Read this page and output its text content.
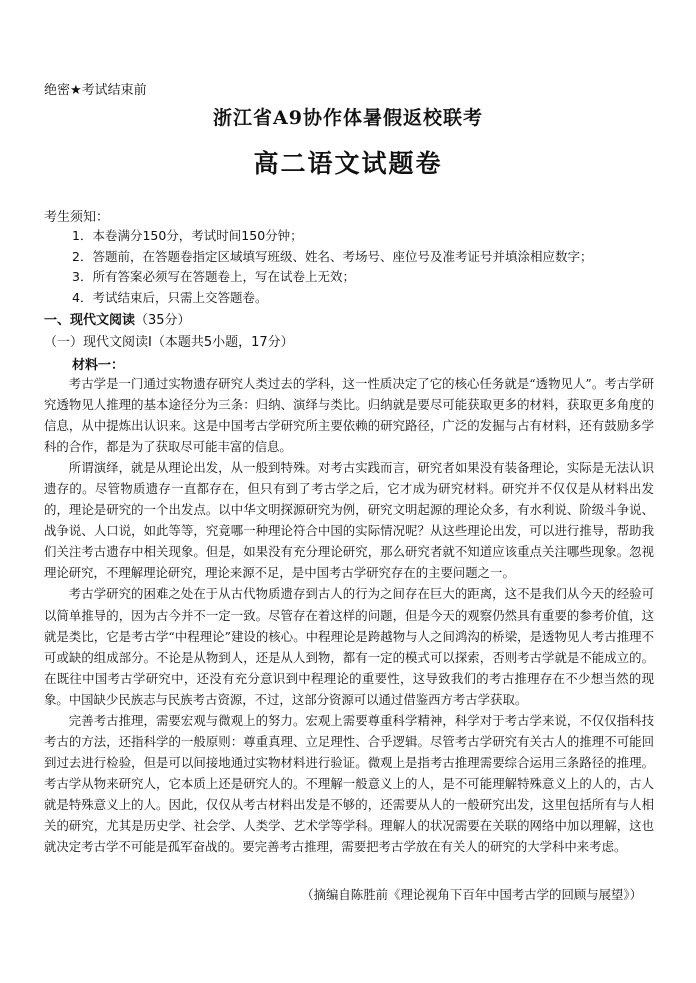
绝密★考试结束前
浙江省A9协作体暑假返校联考
高二语文试题卷
考生须知：
1．本卷满分150分，考试时间150分钟；
2．答题前，在答题卷指定区域填写班级、姓名、考场号、座位号及准考证号并填涂相应数字；
3．所有答案必须写在答题卷上，写在试卷上无效；
4．考试结束后，只需上交答题卷。
一、现代文阅读（35分）
（一）现代文阅读Ⅰ（本题共5小题，17分）
材料一：

考古学是一门通过实物遗存研究人类过去的学科，这一性质决定了它的核心任务就是“透物见人”。考古学研究透物见人推理的基本途径分为三条：归纳、演绎与类比。归纳就是要尽可能获取更多的材料，获取更多角度的信息，从中提炼出认识来。这是中国考古学研究所主要依赖的研究路径，广泛的发掘与占有材料，还有鼓励多学科的合作，都是为了获取尽可能丰富的信息。

所谓演绎，就是从理论出发，从一般到特殊。对考古实践而言，研究者如果没有装备理论，实际是无法认识遗存的。尽管物质遗存一直都存在，但只有到了考古学之后，它才成为研究材料。研究并不仅仅是从材料出发的，理论是研究的一个出发点。以中华文明探源研究为例，研究文明起源的理论众多，有水利说、阶级斗争说、战争说、人口说，如此等等，究竟哪一种理论符合中国的实际情况呢？从这些理论出发，可以进行推导，帮助我们关注考古遗存中相关现象。但是，如果没有充分理论研究，那么研究者就不知道应该重点关注哪些现象。忽视理论研究，不理解理论研究，理论来源不足，是中国考古学研究存在的主要问题之一。

考古学研究的困难之处在于从古代物质遗存到古人的行为之间存在巨大的距离，这不是我们从今天的经验可以简单推导的，因为古今并不一定一致。尽管存在着这样的问题，但是今天的观察仍然具有重要的参考价值，这就是类比，它是考古学“中程理论”建设的核心。中程理论是跨越物与人之间鸿沟的桥梁，是透物见人考古推理不可或缺的组成部分。不论是从物到人，还是从人到物，都有一定的模式可以探索，否则考古学就是不能成立的。在既往中国考古学研究中，还没有充分意识到中程理论的重要性，这导致我们的考古推理存在不少想当然的现象。中国缺少民族志与民族考古资源，不过，这部分资源可以通过借鉴西方考古学获取。

完善考古推理，需要宏观与微观上的努力。宏观上需要尊重科学精神，科学对于考古学来说，不仅仅指科技考古的方法，还指科学的一般原则：尊重真理、立足理性、合乎逻辑。尽管考古学研究有关古人的推理不可能回到过去进行检验，但是可以间接地通过实物材料进行验证。微观上是指考古推理需要综合运用三条路径的推理。考古学从物来研究人，它本质上还是研究人的。不理解一般意义上的人，是不可能理解特殊意义上的人的，古人就是特殊意义上的人。因此，仅仅从考古材料出发是不够的，还需要从人的一般研究出发，这里包括所有与人相关的研究，尤其是历史学、社会学、人类学、艺术学等学科。理解人的状况需要在关联的网络中加以理解，这也就决定考古学不可能是孤军奋战的。要完善考古推理，需要把考古学放在有关人的研究的大学科中来考虑。

（摘编自陈胜前《理论视角下百年中国考古学的回顾与展望》）
